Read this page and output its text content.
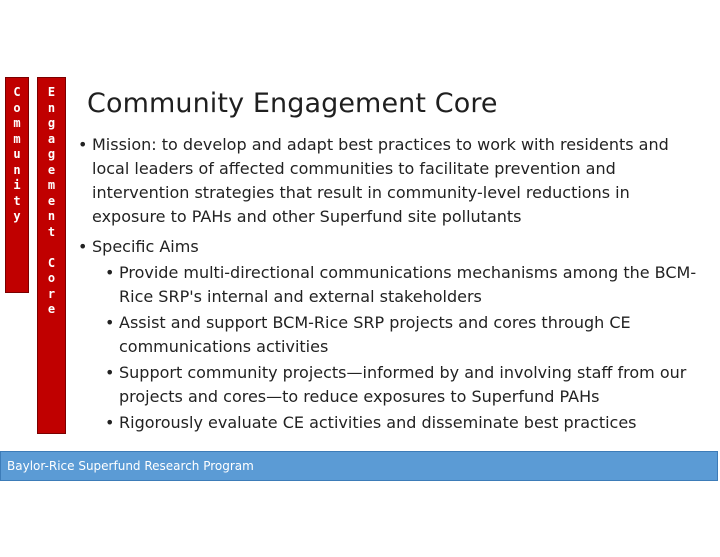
C
o
m
m
u
n
i
t
y
E
n
g
a
g
e
m
e
n
t
C
o
r
e
Community Engagement Core
• Mission: to develop and adapt best practices to work with residents and local leaders of affected communities to facilitate prevention and intervention strategies that result in community-level reductions in exposure to PAHs and other Superfund site pollutants
• Specific Aims
• Provide multi-directional communications mechanisms among the BCM-Rice SRP's internal and external stakeholders
• Assist and support BCM-Rice SRP projects and cores through CE communications activities
• Support community projects—informed by and involving staff from our projects and cores—to reduce exposures to Superfund PAHs
• Rigorously evaluate CE activities and disseminate best practices
Baylor-Rice Superfund Research Program
